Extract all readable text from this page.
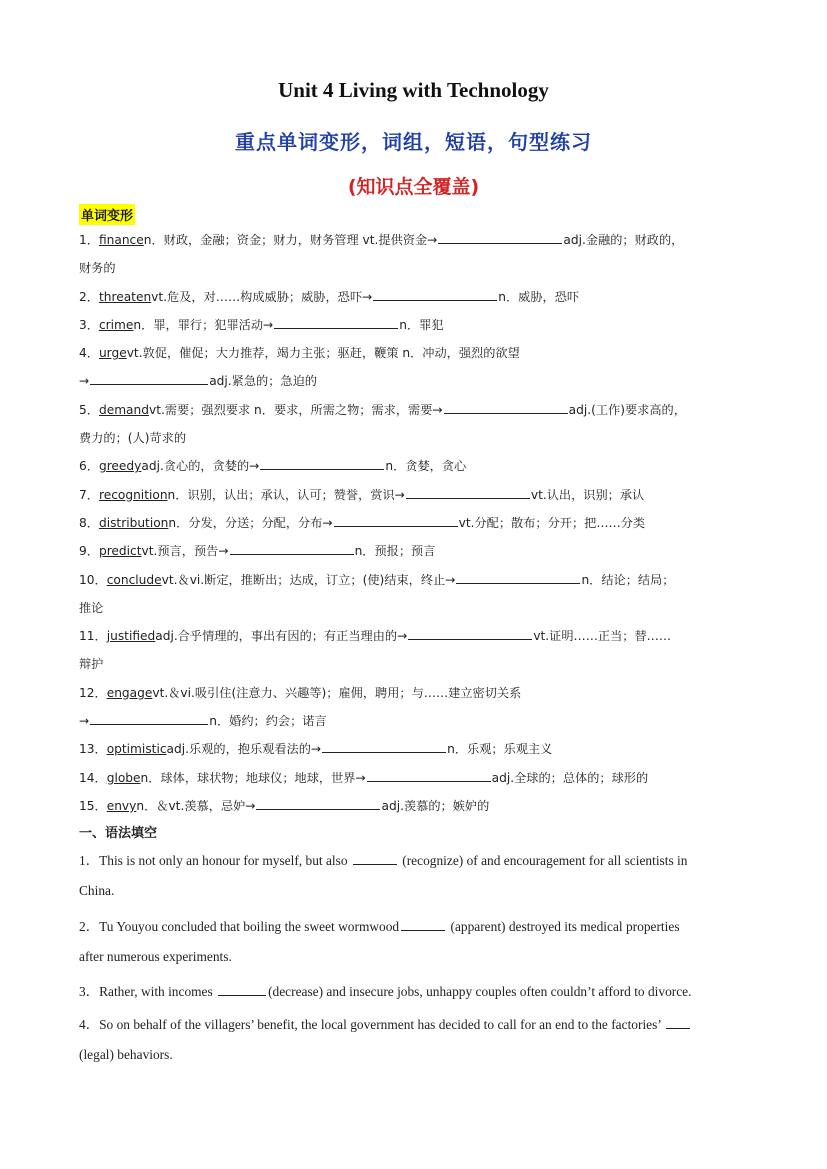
Unit 4 Living with Technology
重点单词变形，词组，短语，句型练习
(知识点全覆盖)
单词变形
1．financen．财政，金融；资金；财力，财务管理 vt.提供资金→	adj.金融的；财政的，
财务的
2．threatenvt.危及，对……构成威胁；威胁，恐吓→	n．威胁，恐吓
3．crimen．罪，罪行；犯罪活动→	n．罪犯
4．urgevt.敦促，催促；大力推荐，竭力主张；驱赶，鞭策 n．冲动，强烈的欲望
→	adj.紧急的；急迫的
5．demandvt.需要；强烈要求 n．要求，所需之物；需求，需要→	adj.(工作)要求高的，
费力的；(人)苛求的
6．greedyadj.贪心的，贪婪的→	n．贪婪，贪心
7．recognitionn．识别，认出；承认，认可；赞誉，赏识→	vt.认出，识别；承认
8．distributionn．分发，分送；分配，分布→	vt.分配；散布；分开；把……分类
9．predictvt.预言，预告→	n．预报；预言
10．concludevt.＆vi.断定，推断出；达成，订立；(使)结束，终止→	n．结论；结局；
推论
11．justifiedadj.合乎情理的，事出有因的；有正当理由的→	vt.证明……正当；替……
辩护
12．engagevt.＆vi.吸引住(注意力、兴趣等)；雇佣，聘用；与……建立密切关系
→	n．婚约；约会；诺言
13．optimisticadj.乐观的，抱乐观看法的→	n．乐观；乐观主义
14．globen．球体，球状物；地球仪；地球，世界→	adj.全球的；总体的；球形的
15．envyn．＆vt.羡慕，忌妒→	adj.羡慕的；嫉妒的
一、语法填空
1．This is not only an honour for myself, but also	(recognize) of and encouragement for all scientists in
China.
2．Tu Youyou concluded that boiling the sweet wormwood	(apparent) destroyed its medical properties
after numerous experiments.
3．Rather, with incomes	(decrease) and insecure jobs, unhappy couples often couldn’t afford to divorce.
4．So on behalf of the villagers’ benefit, the local government has decided to call for an end to the factories’
(legal) behaviors.
